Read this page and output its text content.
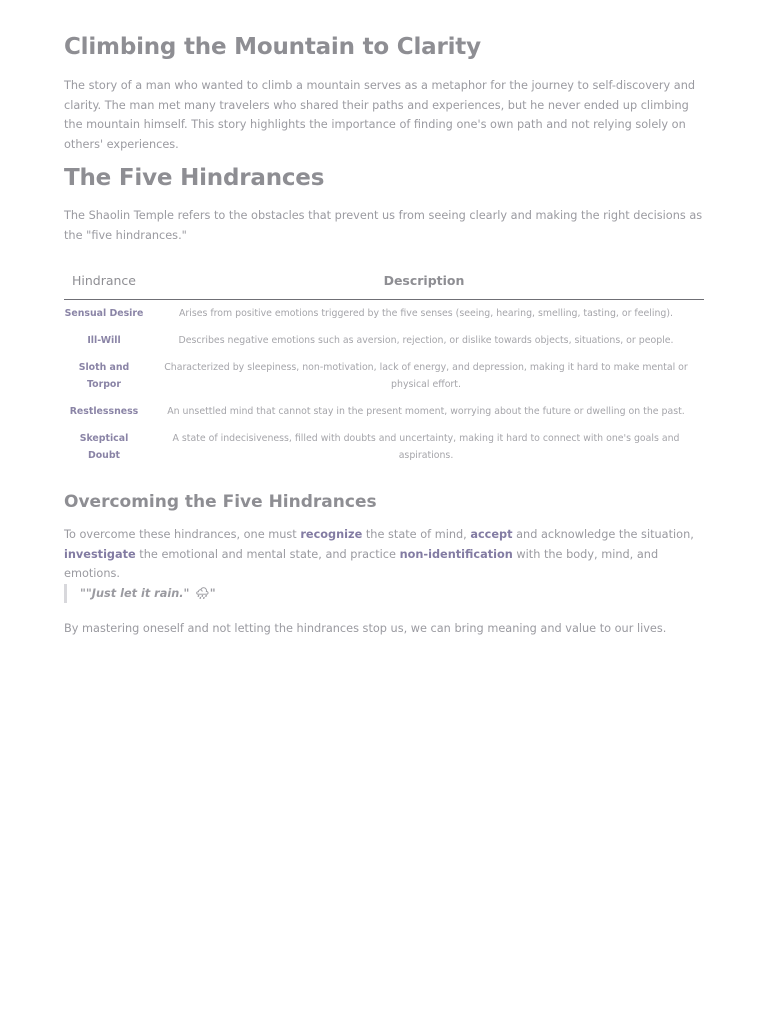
Climbing the Mountain to Clarity

The story of a man who wanted to climb a mountain serves as a metaphor for the journey to self-discovery and clarity. The man met many travelers who shared their paths and experiences, but he never ended up climbing the mountain himself. This story highlights the importance of finding one's own path and not relying solely on others' experiences.

The Five Hindrances

The Shaolin Temple refers to the obstacles that prevent us from seeing clearly and making the right decisions as the "five hindrances."

Hindrance	Description
Sensual Desire	Arises from positive emotions triggered by the five senses (seeing, hearing, smelling, tasting, or feeling).
Ill-Will	Describes negative emotions such as aversion, rejection, or dislike towards objects, situations, or people.
Sloth and Torpor	Characterized by sleepiness, non-motivation, lack of energy, and depression, making it hard to make mental or physical effort.
Restlessness	An unsettled mind that cannot stay in the present moment, worrying about the future or dwelling on the past.
Skeptical Doubt	A state of indecisiveness, filled with doubts and uncertainty, making it hard to connect with one's goals and aspirations.
Overcoming the Five Hindrances

To overcome these hindrances, one must recognize the state of mind, accept and acknowledge the situation, investigate the emotional and mental state, and practice non-identification with the body, mind, and emotions.

""Just let it rain." 🌧"

By mastering oneself and not letting the hindrances stop us, we can bring meaning and value to our lives.
